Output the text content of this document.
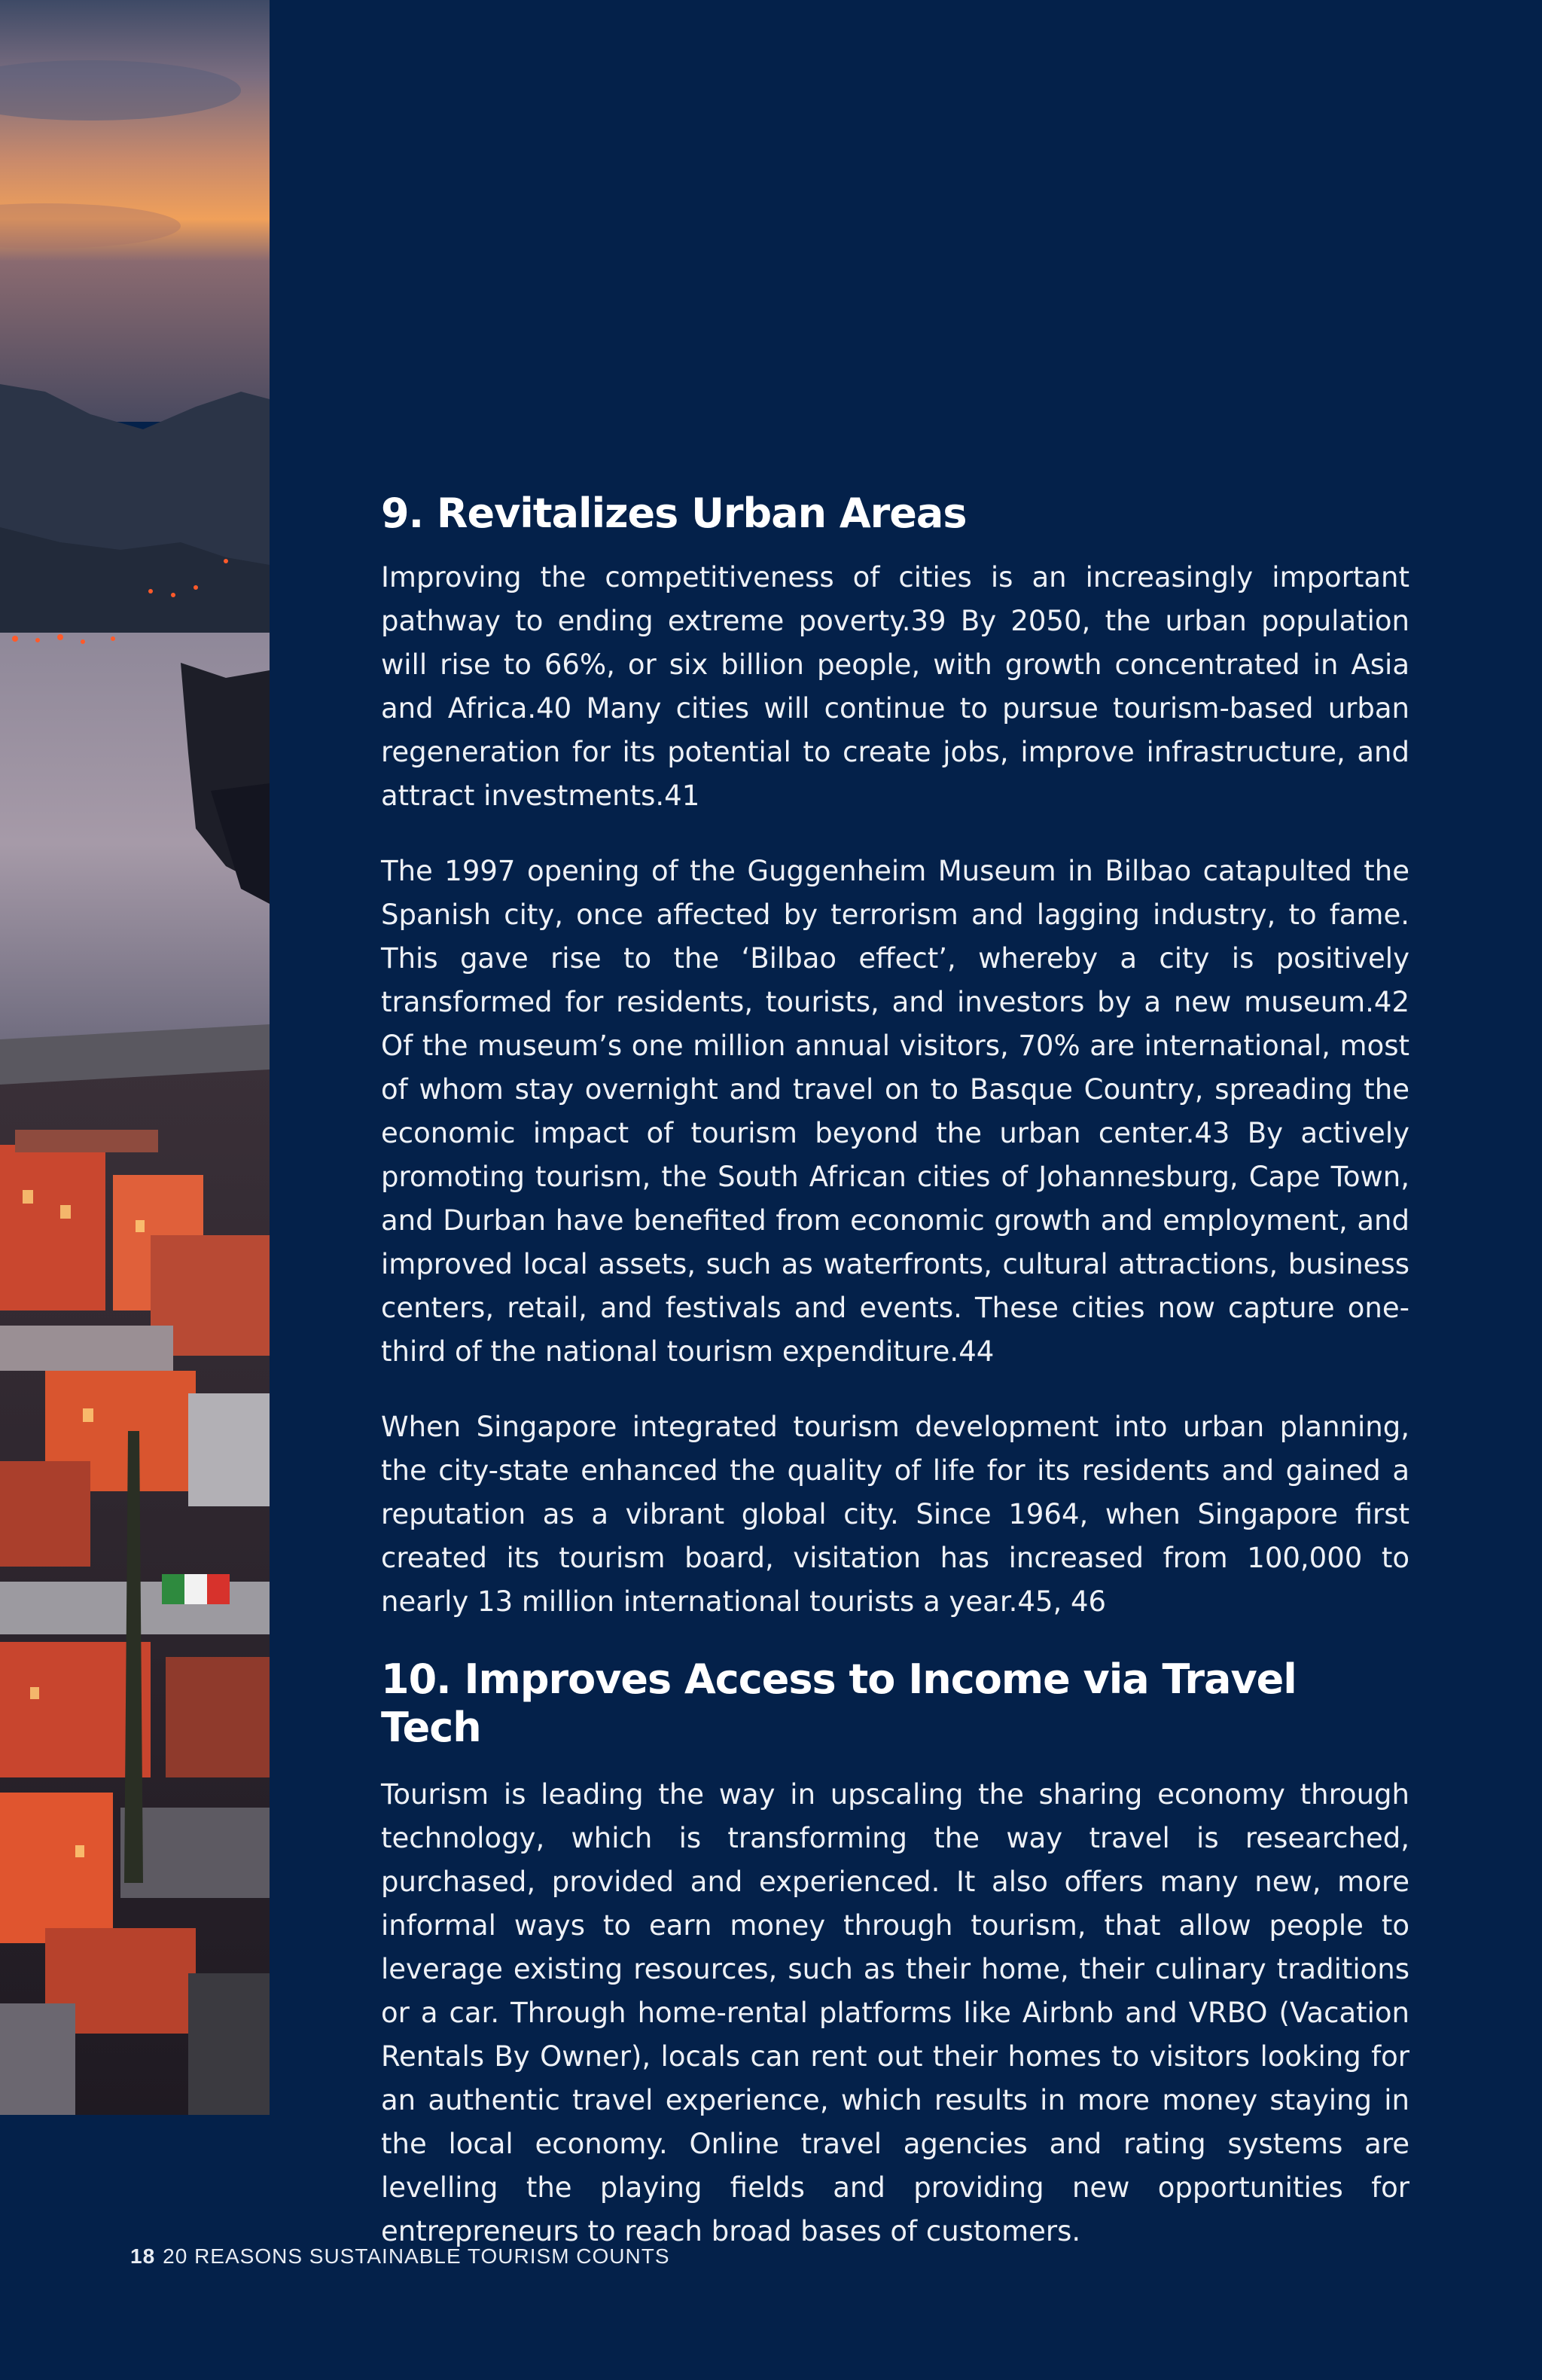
9. Revitalizes Urban Areas

Improving the competitiveness of cities is an increasingly important pathway to ending extreme poverty.39 By 2050, the urban population will rise to 66%, or six billion people, with growth concentrated in Asia and Africa.40 Many cities will continue to pursue tourism-based urban regeneration for its potential to create jobs, improve infrastructure, and attract investments.41

The 1997 opening of the Guggenheim Museum in Bilbao catapulted the Spanish city, once affected by terrorism and lagging industry, to fame. This gave rise to the ‘Bilbao effect’, whereby a city is positively transformed for residents, tourists, and investors by a new museum.42 Of the museum’s one million annual visitors, 70% are international, most of whom stay overnight and travel on to Basque Country, spreading the economic impact of tourism beyond the urban center.43 By actively promoting tourism, the South African cities of Johannesburg, Cape Town, and Durban have benefited from economic growth and employment, and improved local assets, such as waterfronts, cultural attractions, business centers, retail, and festivals and events. These cities now capture one-third of the national tourism expenditure.44

When Singapore integrated tourism development into urban planning, the city-state enhanced the quality of life for its residents and gained a reputation as a vibrant global city. Since 1964, when Singapore first created its tourism board, visitation has increased from 100,000 to nearly 13 million international tourists a year.45, 46

10. Improves Access to Income via Travel Tech

Tourism is leading the way in upscaling the sharing economy through technology, which is transforming the way travel is researched, purchased, provided and experienced. It also offers many new, more informal ways to earn money through tourism, that allow people to leverage existing resources, such as their home, their culinary traditions or a car. Through home-rental platforms like Airbnb and VRBO (Vacation Rentals By Owner), locals can rent out their homes to visitors looking for an authentic travel experience, which results in more money staying in the local economy. Online travel agencies and rating systems are levelling the playing fields and providing new opportunities for entrepreneurs to reach broad bases of customers.

18 20 REASONS SUSTAINABLE TOURISM COUNTS
